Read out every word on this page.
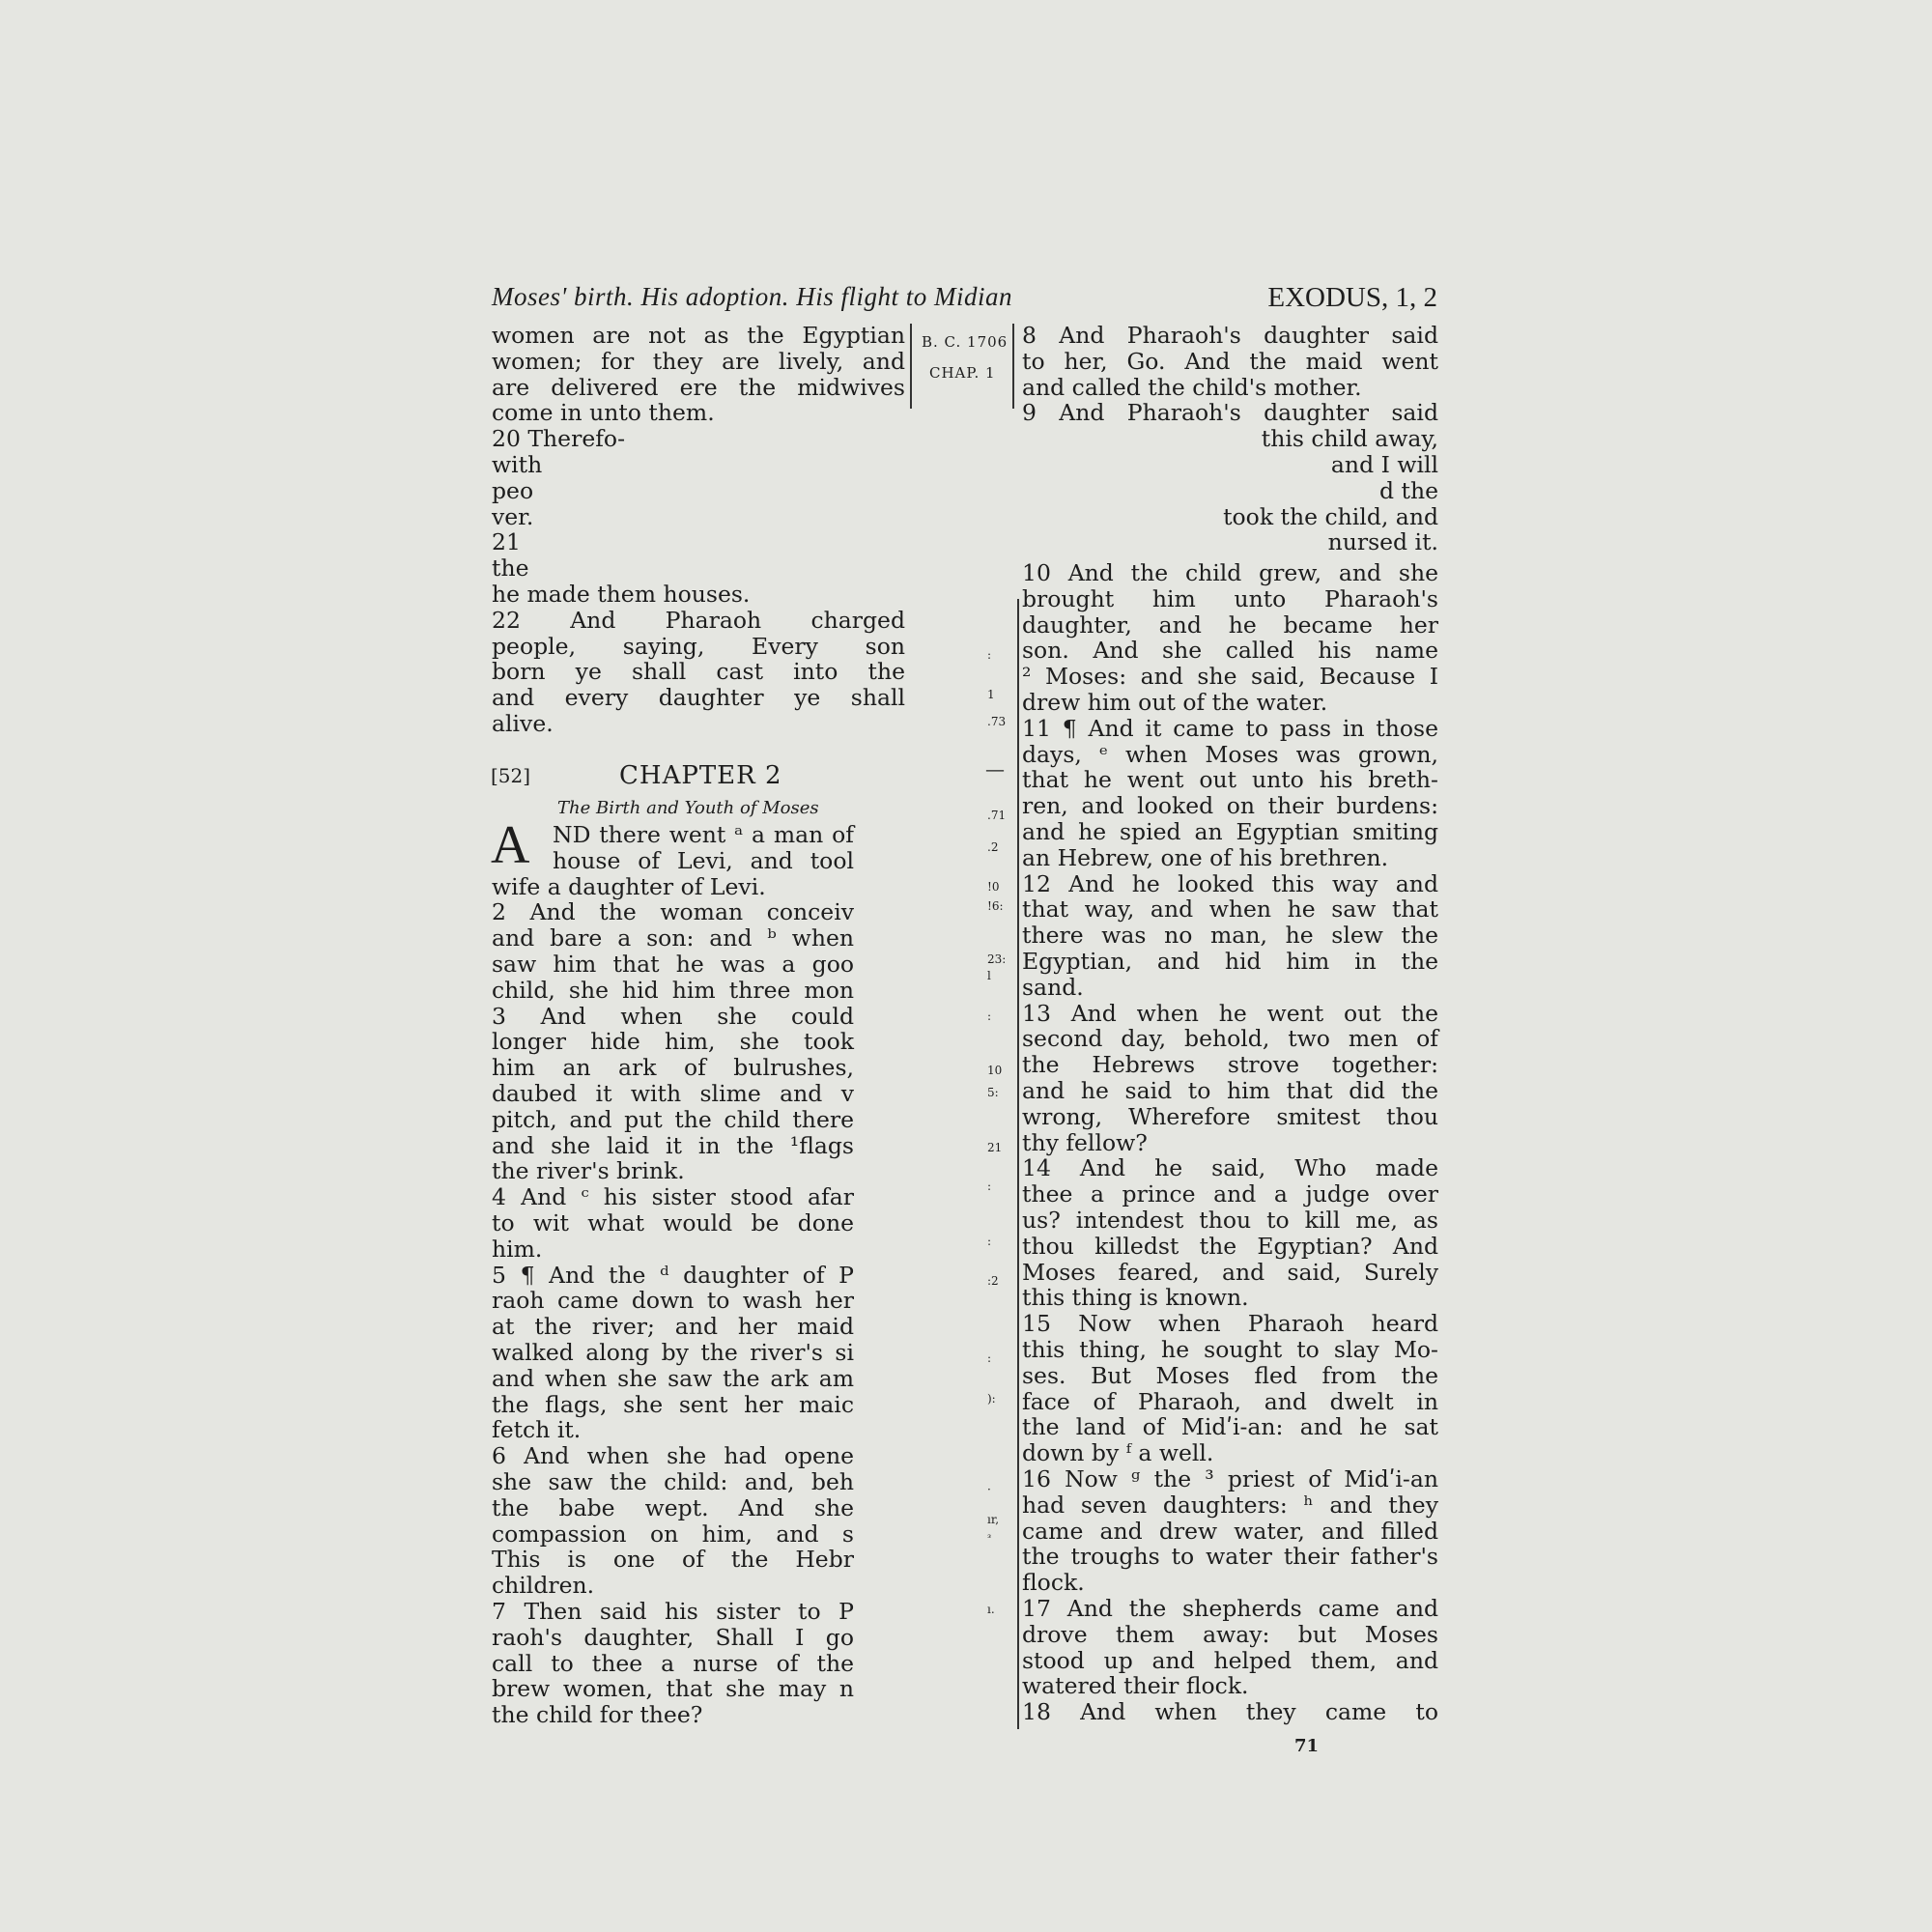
Moses' birth. His adoption. His flight to Midian	EXODUS, 1, 2
B. C. 1706
CHAP. 1
women are not as the Egyptian
women; for they are lively, and
are delivered ere the midwives
come in unto them.
20 Therefo‐
with
peo
ver.
21
the
he made them houses.
22 And Pharaoh charged
people, saying, Every son
born ye shall cast into the
and every daughter ye shall
alive.
[52]	CHAPTER 2
The Birth and Youth of Moses
A ND there went ᵃ a man of
house of Levi, and tool
wife a daughter of Levi.
2 And the woman conceiv
and bare a son: and ᵇ when
saw him that he was a goo
child, she hid him three mon
3 And when she could
longer hide him, she took
him an ark of bulrushes,
daubed it with slime and v
pitch, and put the child there
and she laid it in the ¹flags
the river's brink.
4 And ᶜ his sister stood afar
to wit what would be done
him.
5 ¶ And the ᵈ daughter of P
raoh came down to wash her
at the river; and her maid
walked along by the river's si
and when she saw the ark am
the flags, she sent her maic
fetch it.
6 And when she had opene
she saw the child: and, beh
the babe wept. And she
compassion on him, and s
This is one of the Hebr
children.
7 Then said his sister to P
raoh's daughter, Shall I go
call to thee a nurse of the
brew women, that she may n
the child for thee?
:
1
.73
—
.71
.2
!0
!6:
23:
l
:
10
5:
21
:
:
:2
:
):
·
ır,
ᵌ
ı.
8 And Pharaoh's daughter said
to her, Go. And the maid went
and called the child's mother.
9 And Pharaoh's daughter said
this child away,
and I will
d the
took the child, and
nursed it.
10 And the child grew, and she
brought him unto Pharaoh's
daughter, and he became her
son. And she called his name
² Moses: and she said, Because I
drew him out of the water.
11 ¶ And it came to pass in those
days, ᵉ when Moses was grown,
that he went out unto his breth-
ren, and looked on their burdens:
and he spied an Egyptian smiting
an Hebrew, one of his brethren.
12 And he looked this way and
that way, and when he saw that
there was no man, he slew the
Egyptian, and hid him in the
sand.
13 And when he went out the
second day, behold, two men of
the Hebrews strove together:
and he said to him that did the
wrong, Wherefore smitest thou
thy fellow?
14 And he said, Who made
thee a prince and a judge over
us? intendest thou to kill me, as
thou killedst the Egyptian? And
Moses feared, and said, Surely
this thing is known.
15 Now when Pharaoh heard
this thing, he sought to slay Mo-
ses. But Moses fled from the
face of Pharaoh, and dwelt in
the land of Midʹi-an: and he sat
down by ᶠ a well.
16 Now ᵍ the ³ priest of Midʹi-an
had seven daughters: ʰ and they
came and drew water, and filled
the troughs to water their father's
flock.
17 And the shepherds came and
drove them away: but Moses
stood up and helped them, and
watered their flock.
18 And when they came to
71
